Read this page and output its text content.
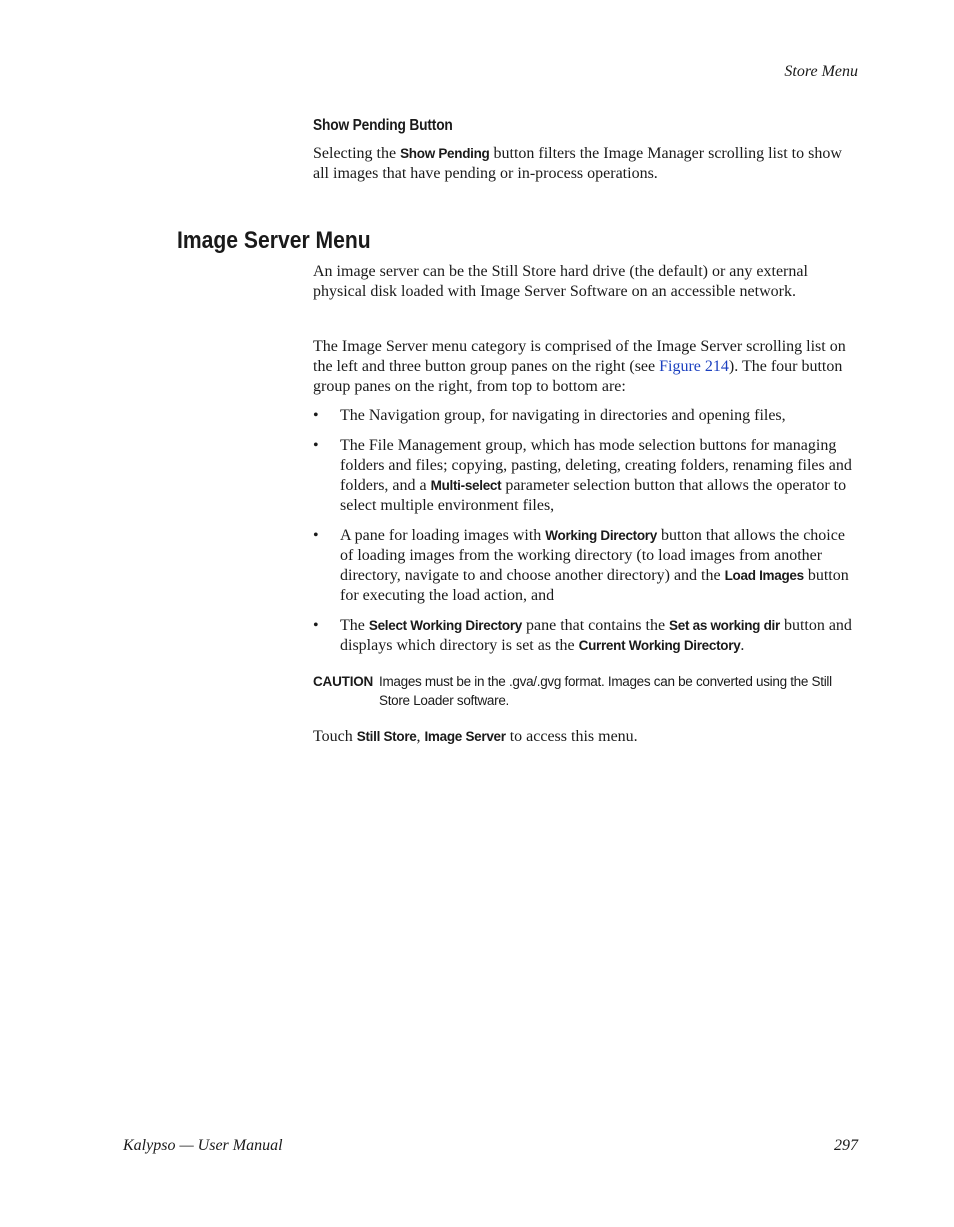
Store Menu
Show Pending Button
Selecting the Show Pending button filters the Image Manager scrolling list to show all images that have pending or in-process operations.
Image Server Menu
An image server can be the Still Store hard drive (the default) or any external physical disk loaded with Image Server Software on an accessible network.
The Image Server menu category is comprised of the Image Server scrolling list on the left and three button group panes on the right (see Figure 214). The four button group panes on the right, from top to bottom are:
• The Navigation group, for navigating in directories and opening files,
• The File Management group, which has mode selection buttons for managing folders and files; copying, pasting, deleting, creating folders, renaming files and folders, and a Multi-select parameter selection button that allows the operator to select multiple environment files,
• A pane for loading images with Working Directory button that allows the choice of loading images from the working directory (to load images from another directory, navigate to and choose another directory) and the Load Images button for executing the load action, and
• The Select Working Directory pane that contains the Set as working dir button and displays which directory is set as the Current Working Directory.
CAUTION Images must be in the .gva/.gvg format. Images can be converted using the Still Store Loader software.
Touch Still Store, Image Server to access this menu.
Kalypso — User Manual	297
